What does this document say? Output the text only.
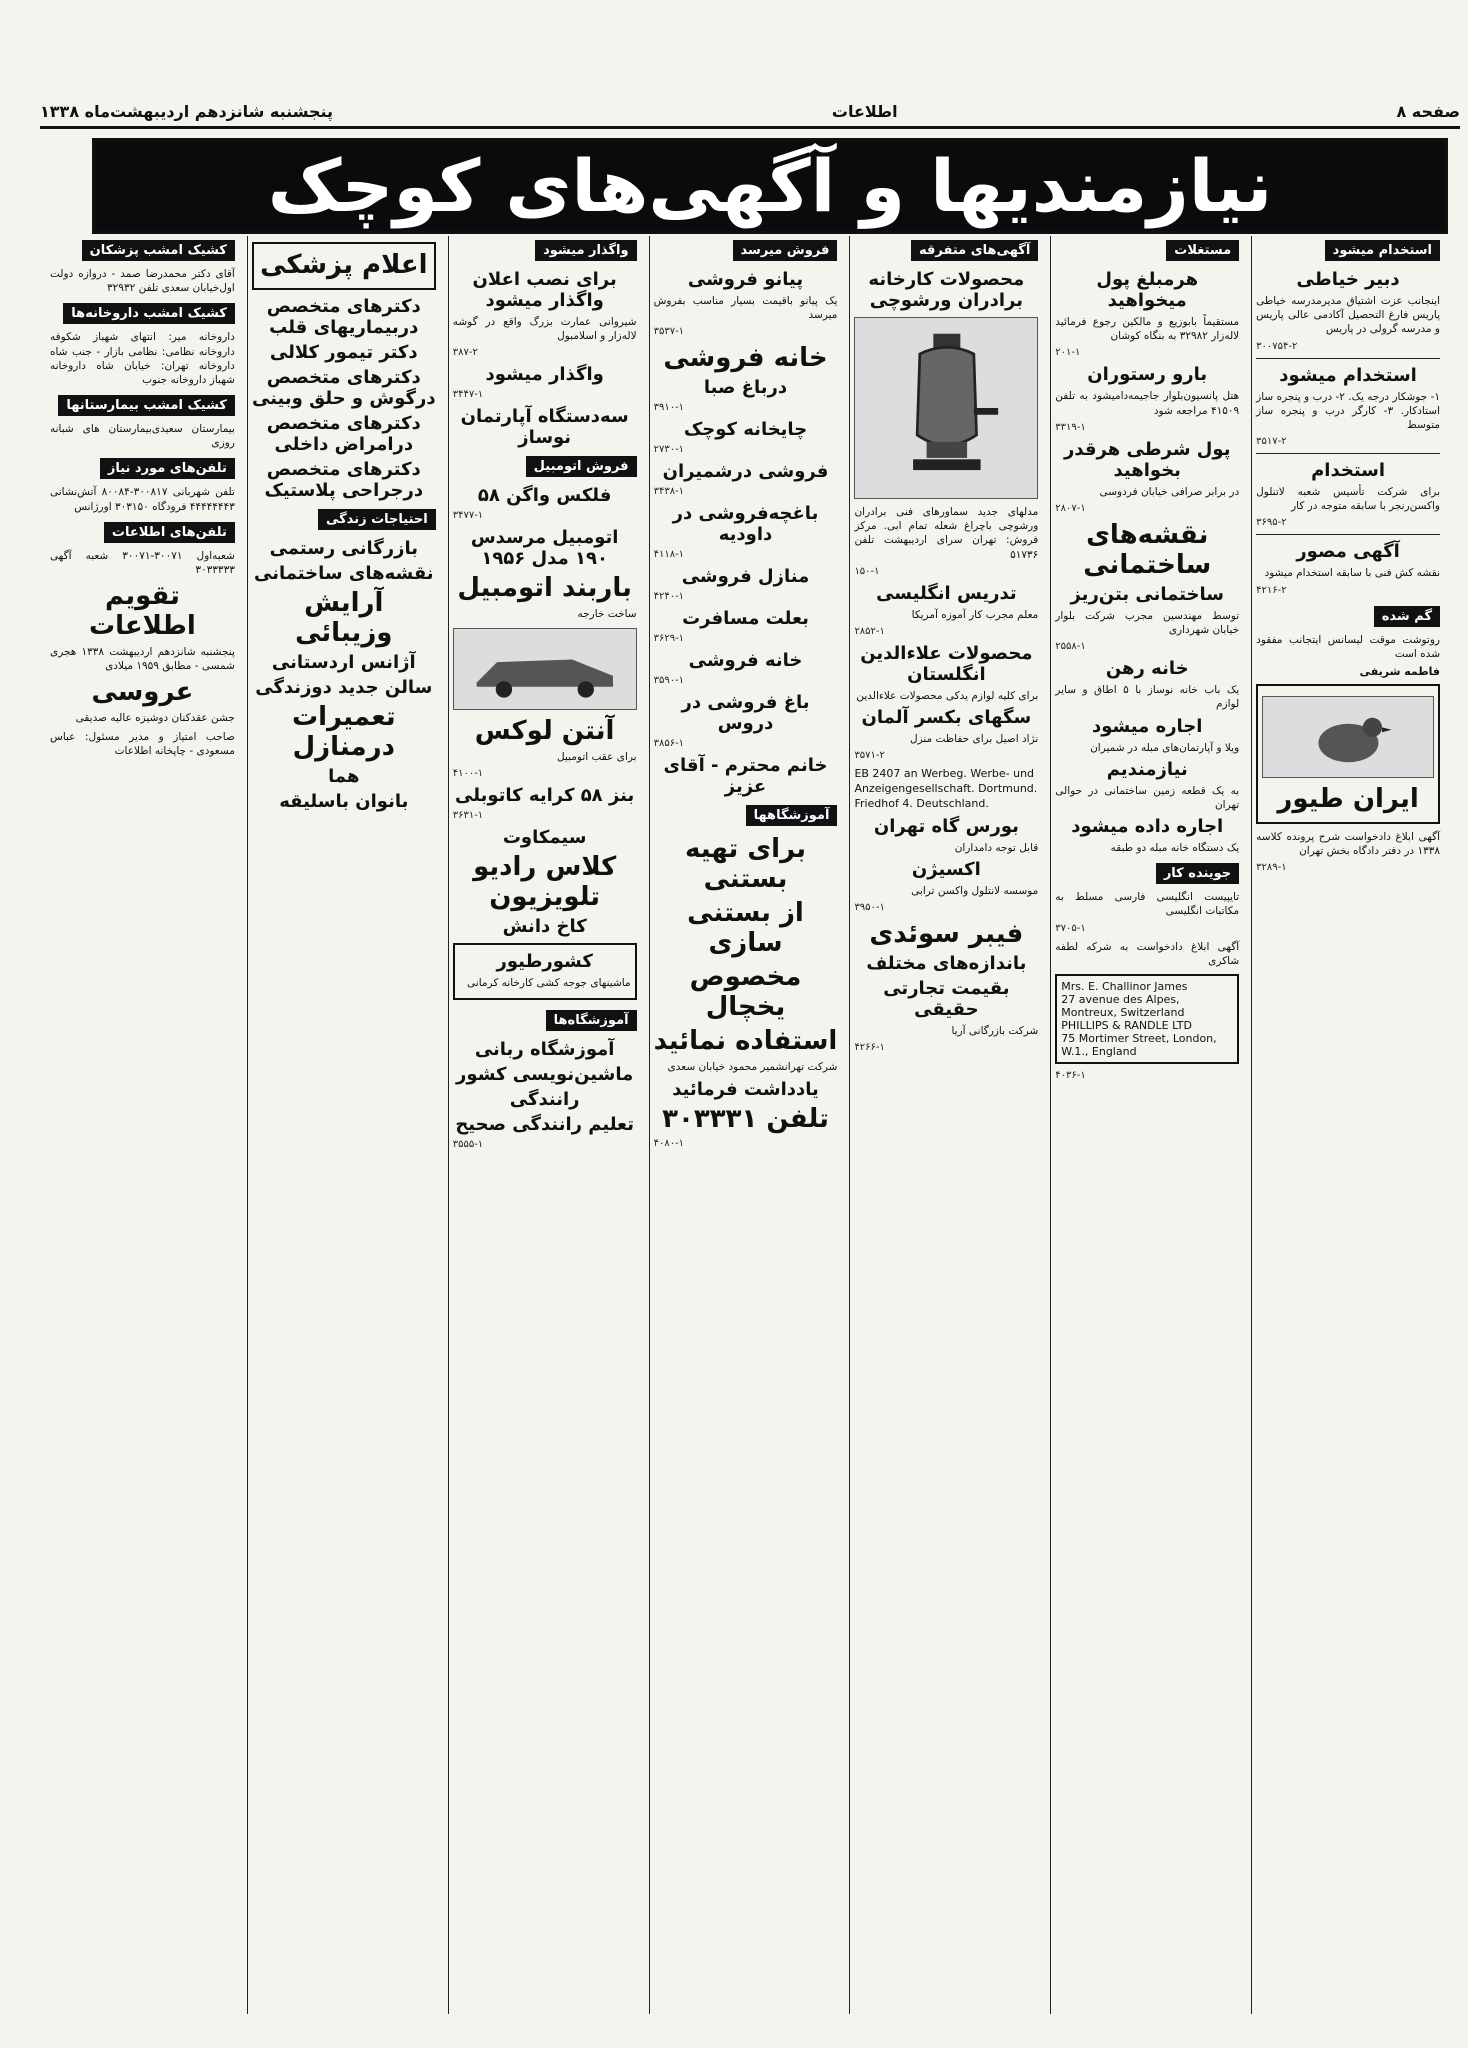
صفحه ۸
اطلاعات
پنجشنبه شانزدهم اردیبهشت‌ماه ۱۳۳۸
نیازمندیها و آگهی‌های کوچک
استخدام میشود
دبیر خیاطی

اینجانب عزت اشتیاق مدیرمدرسه خیاطی پاریس فارغ التحصیل آکادمی عالی پاریس و مدرسه گرولی در پاریس

۳۰۰۷۵۴-۲

استخدام میشود

۱- جوشکار درجه یک. ۲- درب و پنجره ساز استادکار. ۳- کارگر درب و پنجره ساز متوسط

۳۵۱۷-۲

استخدام

برای شرکت تأسیس شعبه لاتنلول واکسن‌رنجر با سابقه متوجه در کار

۳۶۹۵-۲

آگهی مصور

نقشه کش فنی با سابقه استخدام میشود

۴۲۱۶-۲

گم شده

روتوشت موقت لیسانس ایتجانب مفقود شده است

فاطمه شریفی

ایران طیور

آگهی ابلاغ دادخواست شرح پرونده کلاسه ۱۳۳۸ در دفتر دادگاه بخش تهران

۳۲۸۹-۱

مستغلات
هرمبلغ پول میخواهید

مستقیماً بابوزیع و مالکین رجوع فرمائید لاله‌زار ۳۲۹۸۲ به بنگاه کوشان

۲۰۱-۱

بارو رستوران

هتل پانسیون‌بلوار جاجیمه‌دامیشود به تلفن ۴۱۵۰۹ مراجعه شود

۳۳۱۹-۱

پول شرطی هرقدر بخواهید

در برابر صرافی خیابان فردوسی

۲۸۰۷-۱

نقشه‌های ساختمانی
ساختمانی بتن‌ریز

توسط مهندسین مجرب شرکت بلوار خیابان شهرداری

۲۵۵۸-۱

خانه رهن

یک باب خانه نوساز با ۵ اطاق و سایر لوازم

اجاره میشود

ویلا و آپارتمان‌های مبله در شمیران

نیازمندیم

به یک قطعه زمین ساختمانی در حوالی تهران

اجاره داده میشود

یک دستگاه خانه مبله دو طبقه

جوینده کار

تایپیست انگلیسی فارسی مسلط به مکاتبات انگلیسی

۳۷۰۵-۱

آگهی ابلاغ دادخواست به شرکه لطفه شاکری

Mrs. E. Challinor James
27 avenue des Alpes, Montreux, Switzerland
PHILLIPS & RANDLE LTD
75 Mortimer Street, London, W.1., England

۴۰۳۶-۱

آگهی‌های متفرقه
محصولات کارخانه برادران ورشوچی

مدلهای جدید سماورهای فنی برادران ورشوچی باچراغ شعله تمام ابی. مرکز فروش: تهران سرای اردیبهشت تلفن ۵۱۷۳۶

۱۵۰-۱

تدریس انگلیسی

معلم مجرب کار آموزه آمریکا

۲۸۵۲-۱

محصولات علاءالدین انگلستان

برای کلیه لوازم یدکی محصولات علاءالدین

سگهای بکسر آلمان

نژاد اصیل برای حفاظت منزل

۳۵۷۱-۲

EB 2407 an Werbeg. Werbe- und Anzeigengesellschaft. Dortmund. Friedhof 4. Deutschland.

بورس گاه تهران

قابل توجه دامداران

اکسیژن

موسسه لانتلول واکسن ترابی

۳۹۵۰-۱

فیبر سوئدی
باندازه‌های مختلف
بقیمت تجارتی حقیقی

شرکت بازرگانی آریا

۴۲۶۶-۱

فروش میرسد
پیانو فروشی

یک پیانو باقیمت بسیار مناسب بفروش میرسد

۳۵۳۷-۱

خانه فروشی
درباغ صبا

۳۹۱۰-۱

چایخانه کوچک

۲۷۳۰-۱

فروشی درشمیران

۳۴۳۸-۱

باغچه‌فروشی در داودیه

۴۱۱۸-۱

منازل فروشی

۴۲۴۰-۱

بعلت مسافرت

۳۶۲۹-۱

خانه فروشی

۳۵۹۰-۱

باغ فروشی در دروس

۳۸۵۶-۱

خانم محترم - آقای عزیز
آموزشگاهها
برای تهیه بستنی
از بستنی سازی
مخصوص یخچال
استفاده نمائید

شرکت تهرانشمیر محمود خیابان سعدی

یادداشت فرمائید
تلفن ۳۰۳۳۳۱

۴۰۸۰-۱

واگذار میشود
برای نصب اعلان واگذار میشود

شیروانی عمارت بزرگ واقع در گوشه لاله‌زار و اسلامبول

۳۸۷-۲

واگذار میشود

۳۴۴۷-۱

سه‌دستگاه آپارتمان نوساز
فروش اتومبیل
فلکس واگن ۵۸

۳۴۷۷-۱

اتومبیل مرسدس ۱۹۰ مدل ۱۹۵۶
باربند اتومبیل

ساخت خارجه

آنتن لوکس

برای عقب اتومبیل

۴۱۰۰-۱

بنز ۵۸ کرایه کاتوبلی

۳۶۳۱-۱

سیمکاوت
کلاس رادیو تلویزیون
کاخ دانش
کشورطیور

ماشینهای جوجه کشی کارخانه کرمانی

آموزشگاه‌ها
آموزشگاه ربانی
ماشین‌نویسی کشور
رانندگی
تعلیم رانندگی صحیح

۳۵۵۵-۱

اعلام پزشکی
دکترهای متخصص دربیماریهای قلب
دکتر تیمور کلالی
دکترهای متخصص درگوش و حلق وبینی
دکترهای متخصص درامراض داخلی
دکترهای متخصص درجراحی پلاستیک
احتیاجات زندگی
بازرگانی رستمی
نقشه‌های ساختمانی
آرایش وزیبائی
آژانس اردستانی
سالن جدید دوزندگی
تعمیرات درمنازل
هما
بانوان باسلیقه
کشیک امشب پزشکان

آقای دکتر محمدرضا صمد - دروازه دولت اول‌خیابان سعدی تلفن ۳۲۹۳۲

کشیک امشب داروخانه‌ها

داروخانه میر: انتهای شهباز شکوفه داروخانه نظامی: نظامی بازار - جنب شاه داروخانه تهران: خیابان شاه داروخانه شهباز داروخانه جنوب

کشیک امشب بیمارستانها

بیمارستان سعیدی‌بیمارستان های شبانه روزی

تلفن‌های مورد نیاز

تلفن شهربانی ۳۰۰۸۱۷-۸۰۰۸۴ آتش‌نشانی ۴۴۴۴۴۴۴۳ فرودگاه ۳۰۳۱۵۰ اورژانس

تلفن‌های اطلاعات

شعبه‌اول ۳۰۰۷۱-۳۰۰۷۱ شعبه آگهی ۳۰۳۳۳۳۳

تقویم اطلاعات

پنجشنبه شانزدهم اردیبهشت ۱۳۳۸ هجری شمسی - مطابق ۱۹۵۹ میلادی

عروسی

جشن عقدکنان دوشیزه عالیه صدیقی

صاحب امتیاز و مدیر مسئول: عباس مسعودی - چاپخانه اطلاعات
